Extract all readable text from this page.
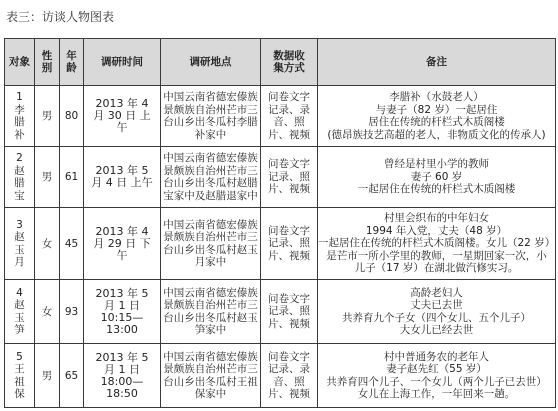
表三：访谈人物图表
对象	性别	年龄	调研时间	调研地点	数据收集方式	备注
1李腊补	男	80	2013 年 4 月 30 日 上午	中国云南省德宏傣族景颇族自治州芒市三台山乡出冬瓜村李腊补家中	问卷文字记录、录音、照片、视频	李腊补（水鼓老人）
与妻子（82 岁）一起居住
居住在传统的杆栏式木质阁楼
(德昂族技艺高超的老人，非物质文化的传承人)

2赵腊宝	男	61	2013 年 5 月 4 日 上午	中国云南省德宏傣族景颇族自治州芒市三台山乡出冬瓜村赵腊宝家中及赵腊退家中	问卷文字记录、照片、视频	曾经是村里小学的教师
妻子 60 岁
一起居住在传统的杆栏式木质阁楼

3赵玉月	女	45	2013 年 4 月 29 日 下午	中国云南省德宏傣族景颇族自治州芒市三台山乡出冬瓜村赵玉月家中	问卷文字记录、照片、视频	村里会织布的中年妇女
1994 年入党，丈夫（48 岁）
一起居住在传统的杆栏式木质阁楼。女儿（22 岁）
是芒市一所小学里的教师，一星期回家一次，小儿子（17 岁）在湖北做汽修实习。

4赵玉笋	女	93	2013 年 5 月 1 日 10:15—13:00	中国云南省德宏傣族景颇族自治州芒市三台山乡出冬瓜村赵玉笋家中	问卷文字记录、照片、视频	高龄老妇人
丈夫已去世
共养育九个子女（四个女儿、五个儿子）
大女儿已经去世

5王祖保	男	65	2013 年 5 月 1 日 18:00—18:50	中国云南省德宏傣族景颇族自治州芒市三台山乡出冬瓜村王祖保家中	问卷文字记录、录音、照片、视频	村中普通务农的老年人
妻子赵先红（55 岁）
共养育四个儿子、一个女儿（两个儿子已去世）
女儿在上海工作，一年回来一趟。
